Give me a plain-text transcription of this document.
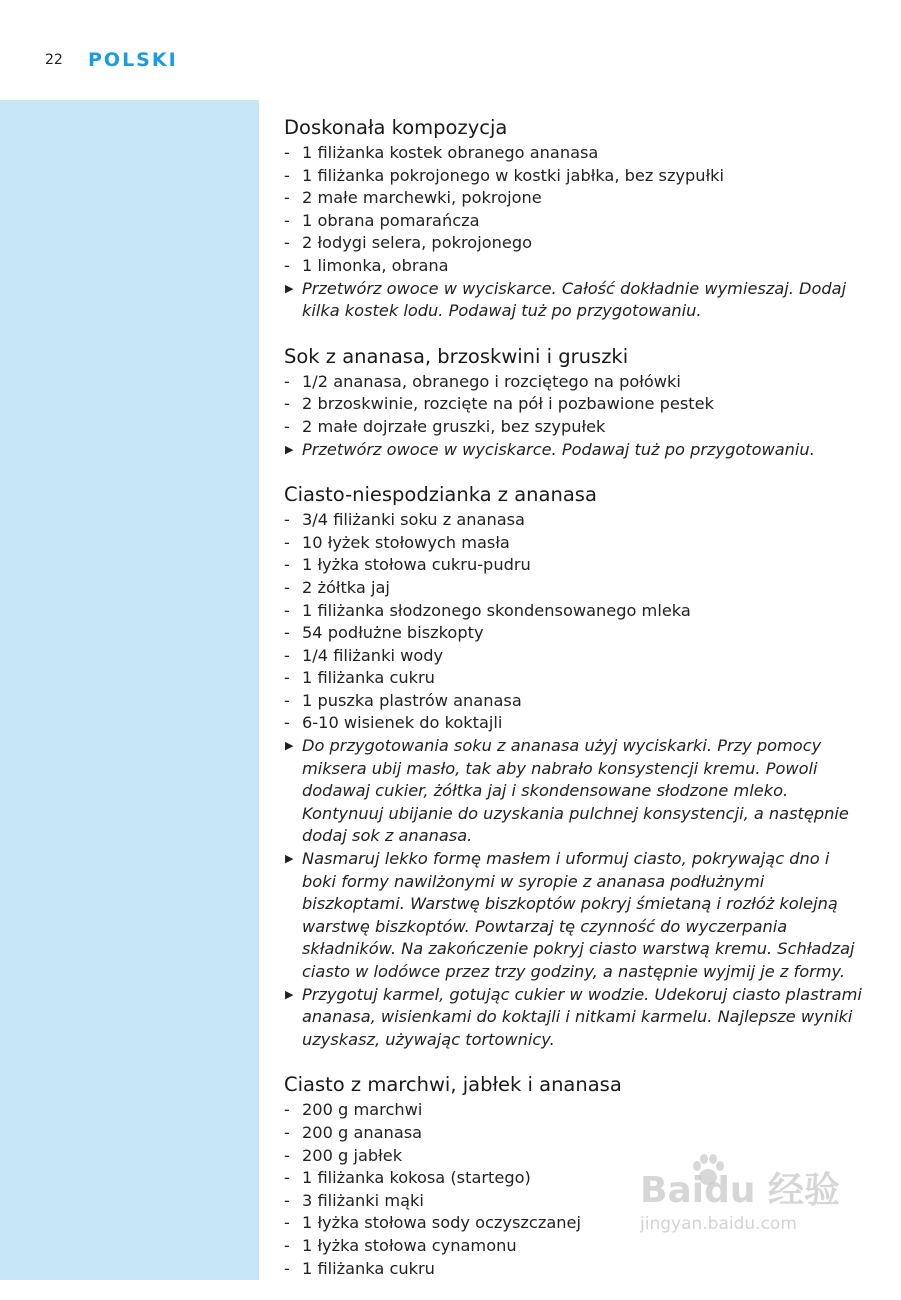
22 POLSKI
Doskonała kompozycja
- 1 filiżanka kostek obranego ananasa
- 1 filiżanka pokrojonego w kostki jabłka, bez szypułki
- 2 małe marchewki, pokrojone
- 1 obrana pomarańcza
- 2 łodygi selera, pokrojonego
- 1 limonka, obrana
▶ Przetwórz owoce w wyciskarce. Całość dokładnie wymieszaj. Dodaj kilka kostek lodu. Podawaj tuż po przygotowaniu.
Sok z ananasa, brzoskwini i gruszki
- 1/2 ananasa, obranego i rozciętego na połówki
- 2 brzoskwinie, rozcięte na pół i pozbawione pestek
- 2 małe dojrzałe gruszki, bez szypułek
▶ Przetwórz owoce w wyciskarce. Podawaj tuż po przygotowaniu.
Ciasto-niespodzianka z ananasa
- 3/4 filiżanki soku z ananasa
- 10 łyżek stołowych masła
- 1 łyżka stołowa cukru-pudru
- 2 żółtka jaj
- 1 filiżanka słodzonego skondensowanego mleka
- 54 podłużne biszkopty
- 1/4 filiżanki wody
- 1 filiżanka cukru
- 1 puszka plastrów ananasa
- 6-10 wisienek do koktajli
▶ Do przygotowania soku z ananasa użyj wyciskarki. Przy pomocy miksera ubij masło, tak aby nabrało konsystencji kremu. Powoli dodawaj cukier, żółtka jaj i skondensowane słodzone mleko. Kontynuuj ubijanie do uzyskania pulchnej konsystencji, a następnie dodaj sok z ananasa.
▶ Nasmaruj lekko formę masłem i uformuj ciasto, pokrywając dno i boki formy nawilżonymi w syropie z ananasa podłużnymi biszkoptami. Warstwę biszkoptów pokryj śmietaną i rozłóż kolejną warstwę biszkoptów. Powtarzaj tę czynność do wyczerpania składników. Na zakończenie pokryj ciasto warstwą kremu. Schładzaj ciasto w lodówce przez trzy godziny, a następnie wyjmij je z formy.
▶ Przygotuj karmel, gotując cukier w wodzie. Udekoruj ciasto plastrami ananasa, wisienkami do koktajli i nitkami karmelu. Najlepsze wyniki uzyskasz, używając tortownicy.
Ciasto z marchwi, jabłek i ananasa
- 200 g marchwi
- 200 g ananasa
- 200 g jabłek
- 1 filiżanka kokosa (startego)
- 3 filiżanki mąki
- 1 łyżka stołowa sody oczyszczanej
- 1 łyżka stołowa cynamonu
- 1 filiżanka cukru
Baidu 经验
jingyan.baidu.com
